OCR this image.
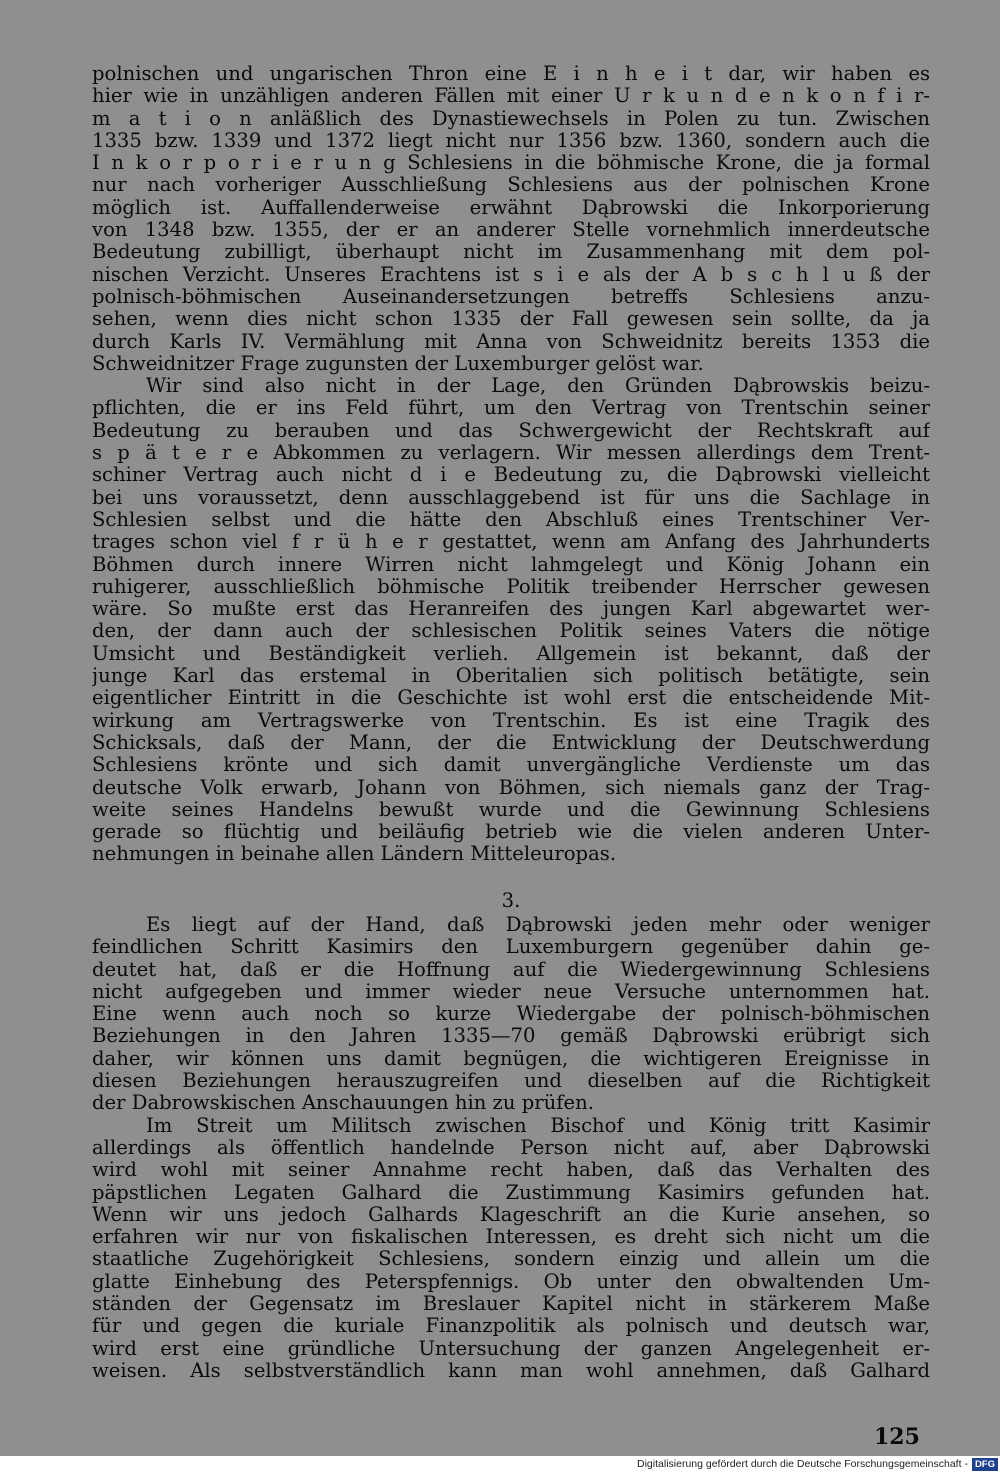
polnischen und ungarischen Thron eine E i n h e i t dar, wir haben es
hier wie in unzähligen anderen Fällen mit einer U r k u n d e n k o n f i r-
m a t i o n anläßlich des Dynastiewechsels in Polen zu tun. Zwischen
1335 bzw. 1339 und 1372 liegt nicht nur 1356 bzw. 1360, sondern auch die
I n k o r p o r i e r u n g Schlesiens in die böhmische Krone, die ja formal
nur nach vorheriger Ausschließung Schlesiens aus der polnischen Krone
möglich ist. Auffallenderweise erwähnt Dąbrowski die Inkorporierung
von 1348 bzw. 1355, der er an anderer Stelle vornehmlich innerdeutsche
Bedeutung zubilligt, überhaupt nicht im Zusammenhang mit dem pol-
nischen Verzicht. Unseres Erachtens ist s i e als der A b s c h l u ß der
polnisch-böhmischen Auseinandersetzungen betreffs Schlesiens anzu-
sehen, wenn dies nicht schon 1335 der Fall gewesen sein sollte, da ja
durch Karls IV. Vermählung mit Anna von Schweidnitz bereits 1353 die
Schweidnitzer Frage zugunsten der Luxemburger gelöst war.
Wir sind also nicht in der Lage, den Gründen Dąbrowskis beizu-
pflichten, die er ins Feld führt, um den Vertrag von Trentschin seiner
Bedeutung zu berauben und das Schwergewicht der Rechtskraft auf
s p ä t e r e Abkommen zu verlagern. Wir messen allerdings dem Trent-
schiner Vertrag auch nicht d i e Bedeutung zu, die Dąbrowski vielleicht
bei uns voraussetzt, denn ausschlaggebend ist für uns die Sachlage in
Schlesien selbst und die hätte den Abschluß eines Trentschiner Ver-
trages schon viel f r ü h e r gestattet, wenn am Anfang des Jahrhunderts
Böhmen durch innere Wirren nicht lahmgelegt und König Johann ein
ruhigerer, ausschließlich böhmische Politik treibender Herrscher gewesen
wäre. So mußte erst das Heranreifen des jungen Karl abgewartet wer-
den, der dann auch der schlesischen Politik seines Vaters die nötige
Umsicht und Beständigkeit verlieh. Allgemein ist bekannt, daß der
junge Karl das erstemal in Oberitalien sich politisch betätigte, sein
eigentlicher Eintritt in die Geschichte ist wohl erst die entscheidende Mit-
wirkung am Vertragswerke von Trentschin. Es ist eine Tragik des
Schicksals, daß der Mann, der die Entwicklung der Deutschwerdung
Schlesiens krönte und sich damit unvergängliche Verdienste um das
deutsche Volk erwarb, Johann von Böhmen, sich niemals ganz der Trag-
weite seines Handelns bewußt wurde und die Gewinnung Schlesiens
gerade so flüchtig und beiläufig betrieb wie die vielen anderen Unter-
nehmungen in beinahe allen Ländern Mitteleuropas.
3.
Es liegt auf der Hand, daß Dąbrowski jeden mehr oder weniger
feindlichen Schritt Kasimirs den Luxemburgern gegenüber dahin ge-
deutet hat, daß er die Hoffnung auf die Wiedergewinnung Schlesiens
nicht aufgegeben und immer wieder neue Versuche unternommen hat.
Eine wenn auch noch so kurze Wiedergabe der polnisch-böhmischen
Beziehungen in den Jahren 1335—70 gemäß Dąbrowski erübrigt sich
daher, wir können uns damit begnügen, die wichtigeren Ereignisse in
diesen Beziehungen herauszugreifen und dieselben auf die Richtigkeit
der Dabrowskischen Anschauungen hin zu prüfen.
Im Streit um Militsch zwischen Bischof und König tritt Kasimir
allerdings als öffentlich handelnde Person nicht auf, aber Dąbrowski
wird wohl mit seiner Annahme recht haben, daß das Verhalten des
päpstlichen Legaten Galhard die Zustimmung Kasimirs gefunden hat.
Wenn wir uns jedoch Galhards Klageschrift an die Kurie ansehen, so
erfahren wir nur von fiskalischen Interessen, es dreht sich nicht um die
staatliche Zugehörigkeit Schlesiens, sondern einzig und allein um die
glatte Einhebung des Peterspfennigs. Ob unter den obwaltenden Um-
ständen der Gegensatz im Breslauer Kapitel nicht in stärkerem Maße
für und gegen die kuriale Finanzpolitik als polnisch und deutsch war,
wird erst eine gründliche Untersuchung der ganzen Angelegenheit er-
weisen. Als selbstverständlich kann man wohl annehmen, daß Galhard
125
Digitalisierung gefördert durch die Deutsche Forschungsgemeinschaft - DFG
